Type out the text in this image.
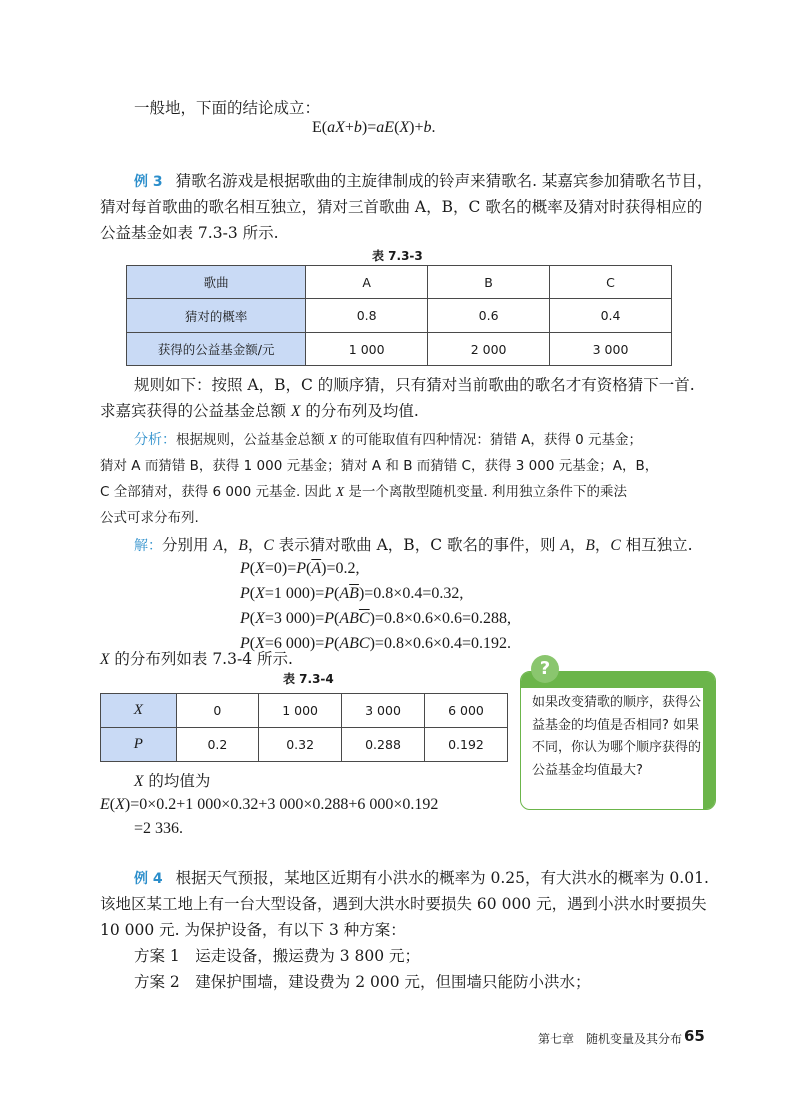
一般地，下面的结论成立：
E(aX+b)=aE(X)+b.
例 3 猜歌名游戏是根据歌曲的主旋律制成的铃声来猜歌名. 某嘉宾参加猜歌名节目，
猜对每首歌曲的歌名相互独立，猜对三首歌曲 A，B，C 歌名的概率及猜对时获得相应的
公益基金如表 7.3-3 所示.
表 7.3-3
歌曲	A	B	C
猜对的概率	0.8	0.6	0.4
获得的公益基金额/元	1 000	2 000	3 000
规则如下：按照 A，B，C 的顺序猜，只有猜对当前歌曲的歌名才有资格猜下一首.
求嘉宾获得的公益基金总额 X 的分布列及均值.
分析：根据规则，公益基金总额 X 的可能取值有四种情况：猜错 A，获得 0 元基金；
猜对 A 而猜错 B，获得 1 000 元基金；猜对 A 和 B 而猜错 C，获得 3 000 元基金；A，B，
C 全部猜对，获得 6 000 元基金. 因此 X 是一个离散型随机变量. 利用独立条件下的乘法
公式可求分布列.
解：分别用 A，B，C 表示猜对歌曲 A，B，C 歌名的事件，则 A，B，C 相互独立.
$P(X=0)=P(\overline{A})=0.2$,
P(X=1 $000)=P(A\overline{B})=0.8\times 0.4=0.32$,
P(X=3 $000)=P(AB\overline{C})=0.8\times 0.6\times 0.6=0.288$,
P(X=6 000)=P(ABC)=0.8×0.6×0.4=0.192.
X 的分布列如表 7.3-4 所示.
表 7.3-4
X	0	1 000	3 000	6 000
P	0.2	0.32	0.288	0.192
X 的均值为
E(X)=0×0.2+1 000×0.32+3 000×0.288+6 000×0.192
=2 336.
?
如果改变猜歌的顺序，获得公益基金的均值是否相同? 如果不同，你认为哪个顺序获得的公益基金均值最大?
例 4 根据天气预报，某地区近期有小洪水的概率为 0.25，有大洪水的概率为 0.01.
该地区某工地上有一台大型设备，遇到大洪水时要损失 60 000 元，遇到小洪水时要损失
10 000 元. 为保护设备，有以下 3 种方案：
方案 1　运走设备，搬运费为 3 800 元；
方案 2　建保护围墙，建设费为 2 000 元，但围墙只能防小洪水；
第七章　随机变量及其分布 65
